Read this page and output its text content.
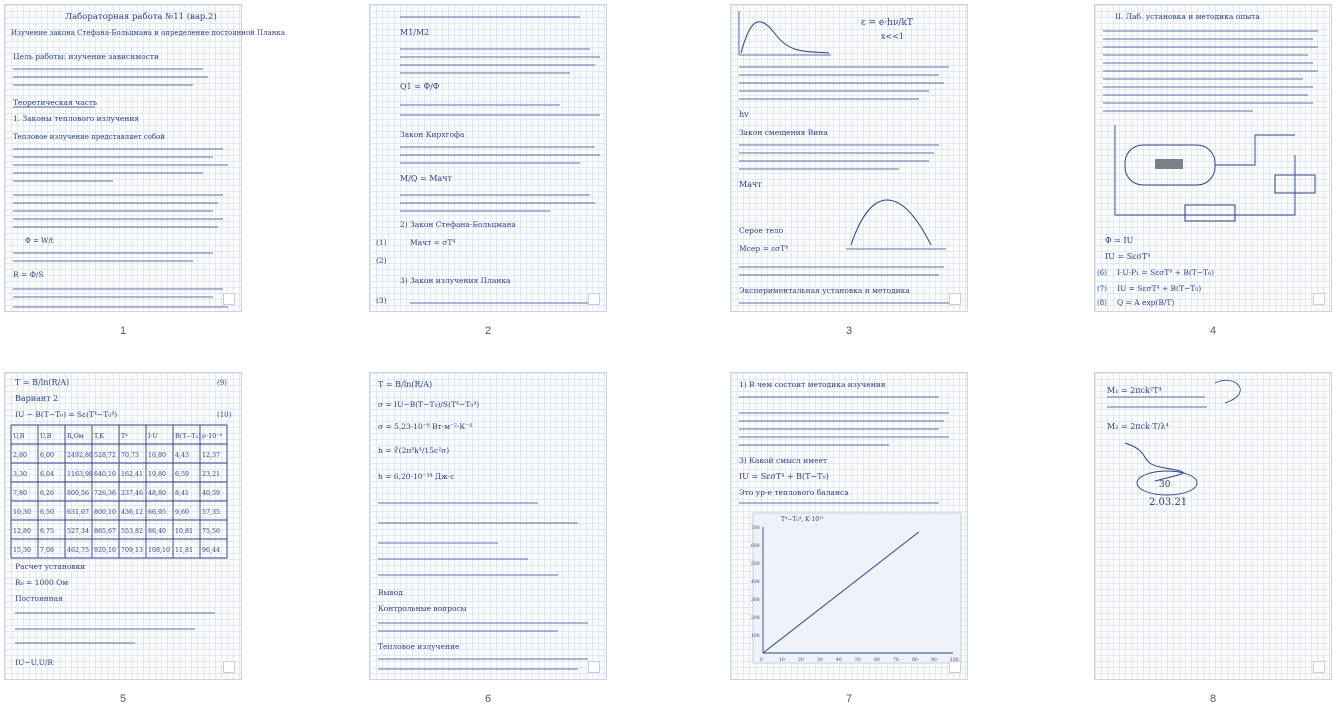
Лабораторная работа №11 (вар.2)
Изучение закона Стефана-Больцмана и определение постоянной Планка
Цель работы: изучение зависимости
Теоретическая часть
1. Законы теплового излучения
Тепловое излучение представляет собой
Ф = W/t
R = Ф/S
1
M1/M2
Q1 = Ф/Ф
Закон Кирхгофа
M/Q = Mачт
2) Закон Стефана-Больцмана
(1)	Mачт = σT⁴
(2)
3) Закон излучения Планка
(3)
2
ε = e·hν/kT
x<<1
hv
Закон смещения Вина
Mачт
Серое тело
Mсер = εσT⁴
Экспериментальная установка и методика
3
II. Лаб. установка и методика опыта
Ф = IU
IU = SεσT⁴
(6) I·U·P₁ = SεσT⁴ + B(T−T₀)
(7) IU = SεσT⁴ + B(T−T₀)
(8) Q = A exp(B/T)
4
T = B/ln(R/A)	(9)
Вариант 2
IU − B(T−T₀) = Sε(T⁴−T₀⁴)	(10)
U,B U,B R,Ом T,K	T⁴	I·U	B(T−T₀) σ·10⁻⁸
2,80 6,00 2492,86 528,72 70,73 16,80 4,43 12,37
3,30 6,04 1163,98 640,10 162,41 19,80 6,59 23,21
7,80 6,26 800,56 726,36 237,46 48,80 8,41 40,59
10,30 6,50 631,07 800,10 436,12 66,95 9,60 57,35
12,80 6,75 527,34 865,67 553,82 86,40 10,81 75,56
15,30 7,08 462,75 920,10 709,13 108,10 11,81 96,44
Расчет установки
R₀ = 1000 Ом
Постоянная
IU−U,U/R
5
T = B/ln(R/A)
σ = IU−B(T−T₀)/S(T⁴−T₀⁴)
σ = 5,23·10⁻⁸ Вт·м⁻²·К⁻⁴
h = ∛(2π⁵k⁴/15c²σ)
h = 6,20·10⁻³⁴ Дж·с
Вывод
Контрольные вопросы
Тепловое излучение
6
1) В чем состоит методика изучения
3) Какой смысл имеет
IU = SεσT⁴ + B(T−T₀)
Это ур-е теплового баланса
T⁴−T₀⁴, K·10¹¹
700
600
500
400
300
200
100
0	10	20	30	40	50	60	70	80	90
7
M₁ = 2πck²T⁴
M₂ = 2πck·T/λ⁴
30
2.03.21
8
